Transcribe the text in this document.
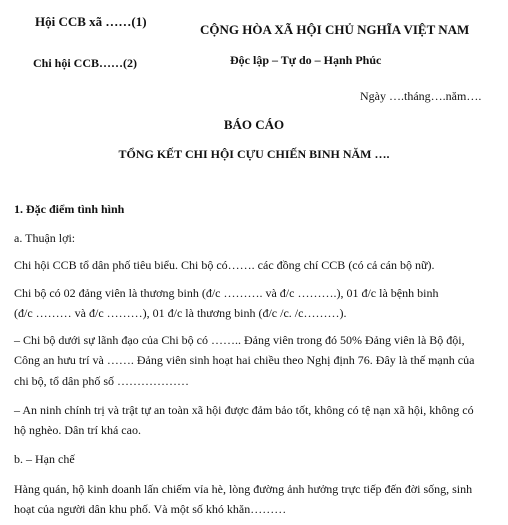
Hội CCB xã ……(1)
Chi hội CCB……(2)
CỘNG HÒA XÃ HỘI CHỦ NGHĨA VIỆT NAM
Độc lập – Tự do – Hạnh Phúc
Ngày ….tháng….năm….
BÁO CÁO
TỔNG KẾT CHI HỘI CỰU CHIẾN BINH NĂM ….
1. Đặc điểm tình hình
a. Thuận lợi:
Chi hội CCB tổ dân phố tiêu biểu. Chi bộ có……. các đồng chí CCB (có cả cán bộ nữ).
Chi bộ có 02 đảng viên là thương binh (đ/c ………. và đ/c ……….), 01 đ/c là bệnh binh
(đ/c ……… và đ/c ………), 01 đ/c là thương binh (đ/c /c. /c………).
– Chi bộ dưới sự lãnh đạo của Chi bộ có …….. Đảng viên trong đó 50% Đảng viên là Bộ đội,
Công an hưu trí và ……. Đảng viên sinh hoạt hai chiều theo Nghị định 76. Đây là thế mạnh của
chi bộ, tổ dân phố số ………………
– An ninh chính trị và trật tự an toàn xã hội được đảm bảo tốt, không có tệ nạn xã hội, không có
hộ nghèo. Dân trí khá cao.
b. – Hạn chế
Hàng quán, hộ kinh doanh lấn chiếm vỉa hè, lòng đường ảnh hưởng trực tiếp đến đời sống, sinh
hoạt của người dân khu phố. Và một số khó khăn………
